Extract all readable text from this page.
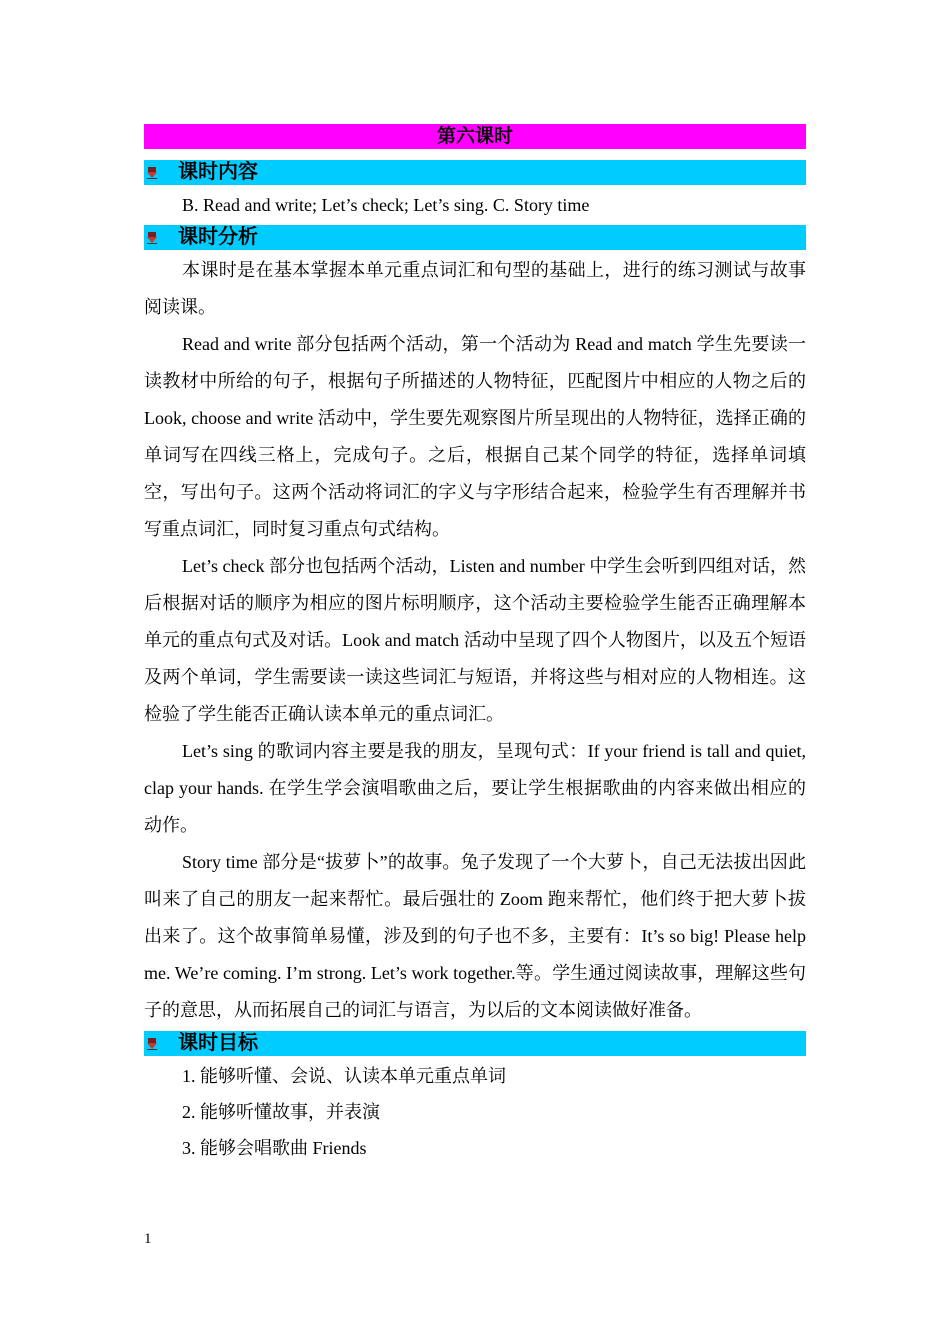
第六课时
课时内容

B. Read and write; Let’s check; Let’s sing. C. Story time

课时分析

本课时是在基本掌握本单元重点词汇和句型的基础上，进行的练习测试与故事阅读课。

Read and write 部分包括两个活动，第一个活动为 Read and match 学生先要读一读教材中所给的句子，根据句子所描述的人物特征，匹配图片中相应的人物之后的 Look, choose and write 活动中，学生要先观察图片所呈现出的人物特征，选择正确的单词写在四线三格上，完成句子。之后，根据自己某个同学的特征，选择单词填空，写出句子。这两个活动将词汇的字义与字形结合起来，检验学生有否理解并书写重点词汇，同时复习重点句式结构。

Let’s check 部分也包括两个活动，Listen and number 中学生会听到四组对话，然后根据对话的顺序为相应的图片标明顺序，这个活动主要检验学生能否正确理解本单元的重点句式及对话。Look and match 活动中呈现了四个人物图片，以及五个短语及两个单词，学生需要读一读这些词汇与短语，并将这些与相对应的人物相连。这检验了学生能否正确认读本单元的重点词汇。

Let’s sing 的歌词内容主要是我的朋友，呈现句式：If your friend is tall and quiet, clap your hands. 在学生学会演唱歌曲之后，要让学生根据歌曲的内容来做出相应的动作。

Story time 部分是“拔萝卜”的故事。兔子发现了一个大萝卜，自己无法拔出因此叫来了自己的朋友一起来帮忙。最后强壮的 Zoom 跑来帮忙，他们终于把大萝卜拔出来了。这个故事简单易懂，涉及到的句子也不多，主要有：It’s so big! Please help me. We’re coming. I’m strong. Let’s work together.等。学生通过阅读故事，理解这些句子的意思，从而拓展自己的词汇与语言，为以后的文本阅读做好准备。

课时目标

1. 能够听懂、会说、认读本单元重点单词

2. 能够听懂故事，并表演

3. 能够会唱歌曲 Friends

1
